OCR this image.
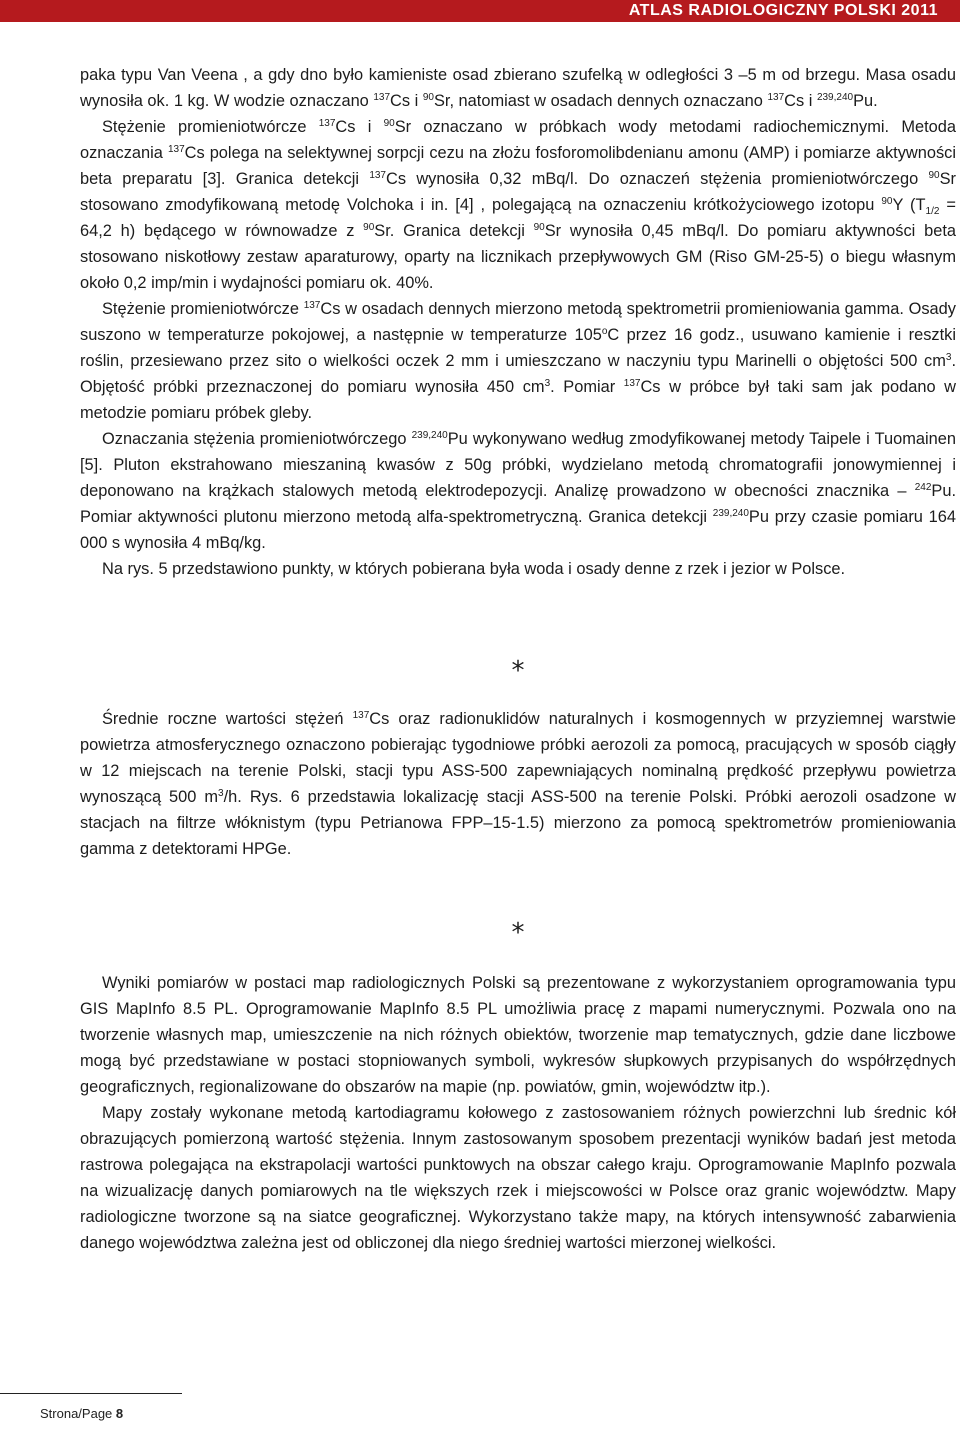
ATLAS RADIOLOGICZNY POLSKI 2011

paka typu Van Veena , a gdy dno było kamieniste osad zbierano szufelką w odległości 3 –5 m od brzegu. Masa osadu wynosiła ok. 1 kg. W wodzie oznaczano $^{137}$Cs i $^{90}$Sr, natomiast w osadach dennych oznaczano $^{137}$Cs i $^{239,240}$Pu.

Stężenie promieniotwórcze $^{137}$Cs i $^{90}$Sr oznaczano w próbkach wody metodami radiochemicznymi. Metoda oznaczania $^{137}$Cs polega na selektywnej sorpcji cezu na złożu fosforomolibdenianu amonu (AMP) i pomiarze aktywności beta preparatu [3]. Granica detekcji $^{137}$Cs wynosiła 0,32 mBq/l. Do oznaczeń stężenia promieniotwórczego $^{90}$Sr stosowano zmodyfikowaną metodę Volchoka i in. [4] , polegającą na oznaczeniu krótkożyciowego izotopu $^{90}$Y ($T_{1/2} = 64,2$ h) będącego w równowadze z $^{90}$Sr. Granica detekcji $^{90}$Sr wynosiła 0,45 mBq/l. Do pomiaru aktywności beta stosowano niskotłowy zestaw aparaturowy, oparty na licznikach przepływowych GM (Riso GM-25-5) o biegu własnym około 0,2 imp/min i wydajności pomiaru ok. 40%.

Stężenie promieniotwórcze $^{137}$Cs w osadach dennych mierzono metodą spektrometrii promieniowania gamma. Osady suszono w temperaturze pokojowej, a następnie w temperaturze 105$^o$C przez 16 godz., usuwano kamienie i resztki roślin, przesiewano przez sito o wielkości oczek 2 mm i umieszczano w naczyniu typu Marinelli o objętości 500 $cm^3$. Objętość próbki przeznaczonej do pomiaru wynosiła 450 $cm^3$. Pomiar $^{137}$Cs w próbce był taki sam jak podano w metodzie pomiaru próbek gleby.

Oznaczania stężenia promieniotwórczego $^{239,240}$Pu wykonywano według zmodyfikowanej metody Taipele i Tuomainen [5]. Pluton ekstrahowano mieszaniną kwasów z 50g próbki, wydzielano metodą chromatografii jonowymiennej i deponowano na krążkach stalowych metodą elektrodepozycji. Analizę prowadzono w obecności znacznika – $^{242}$Pu. Pomiar aktywności plutonu mierzono metodą alfa-spektrometryczną. Granica detekcji $^{239,240}$Pu przy czasie pomiaru 164 000 s wynosiła 4 mBq/kg.

Na rys. 5 przedstawiono punkty, w których pobierana była woda i osady denne z rzek i jezior w Polsce.

*

Średnie roczne wartości stężeń $^{137}$Cs oraz radionuklidów naturalnych i kosmogennych w przyziemnej warstwie powietrza atmosferycznego oznaczono pobierając tygodniowe próbki aerozoli za pomocą, pracujących w sposób ciągły w 12 miejscach na terenie Polski, stacji typu ASS-500 zapewniających nominalną prędkość przepływu powietrza wynoszącą 500 $m^3/h$. Rys. 6 przedstawia lokalizację stacji ASS-500 na terenie Polski. Próbki aerozoli osadzone w stacjach na filtrze włóknistym (typu Petrianowa FPP–15-1.5) mierzono za pomocą spektrometrów promieniowania gamma z detektorami HPGe.

*

Wyniki pomiarów w postaci map radiologicznych Polski są prezentowane z wykorzystaniem oprogramowania typu GIS MapInfo 8.5 PL. Oprogramowanie MapInfo 8.5 PL umożliwia pracę z mapami numerycznymi. Pozwala ono na tworzenie własnych map, umieszczenie na nich różnych obiektów, tworzenie map tematycznych, gdzie dane liczbowe mogą być przedstawiane w postaci stopniowanych symboli, wykresów słupkowych przypisanych do współrzędnych geograficznych, regionalizowane do obszarów na mapie (np. powiatów, gmin, województw itp.).

Mapy zostały wykonane metodą kartodiagramu kołowego z zastosowaniem różnych powierzchni lub średnic kół obrazujących pomierzoną wartość stężenia. Innym zastosowanym sposobem prezentacji wyników badań jest metoda rastrowa polegająca na ekstrapolacji wartości punktowych na obszar całego kraju. Oprogramowanie MapInfo pozwala na wizualizację danych pomiarowych na tle większych rzek i miejscowości w Polsce oraz granic województw. Mapy radiologiczne tworzone są na siatce geograficznej. Wykorzystano także mapy, na których intensywność zabarwienia danego województwa zależna jest od obliczonej dla niego średniej wartości mierzonej wielkości.

Strona/Page 8
